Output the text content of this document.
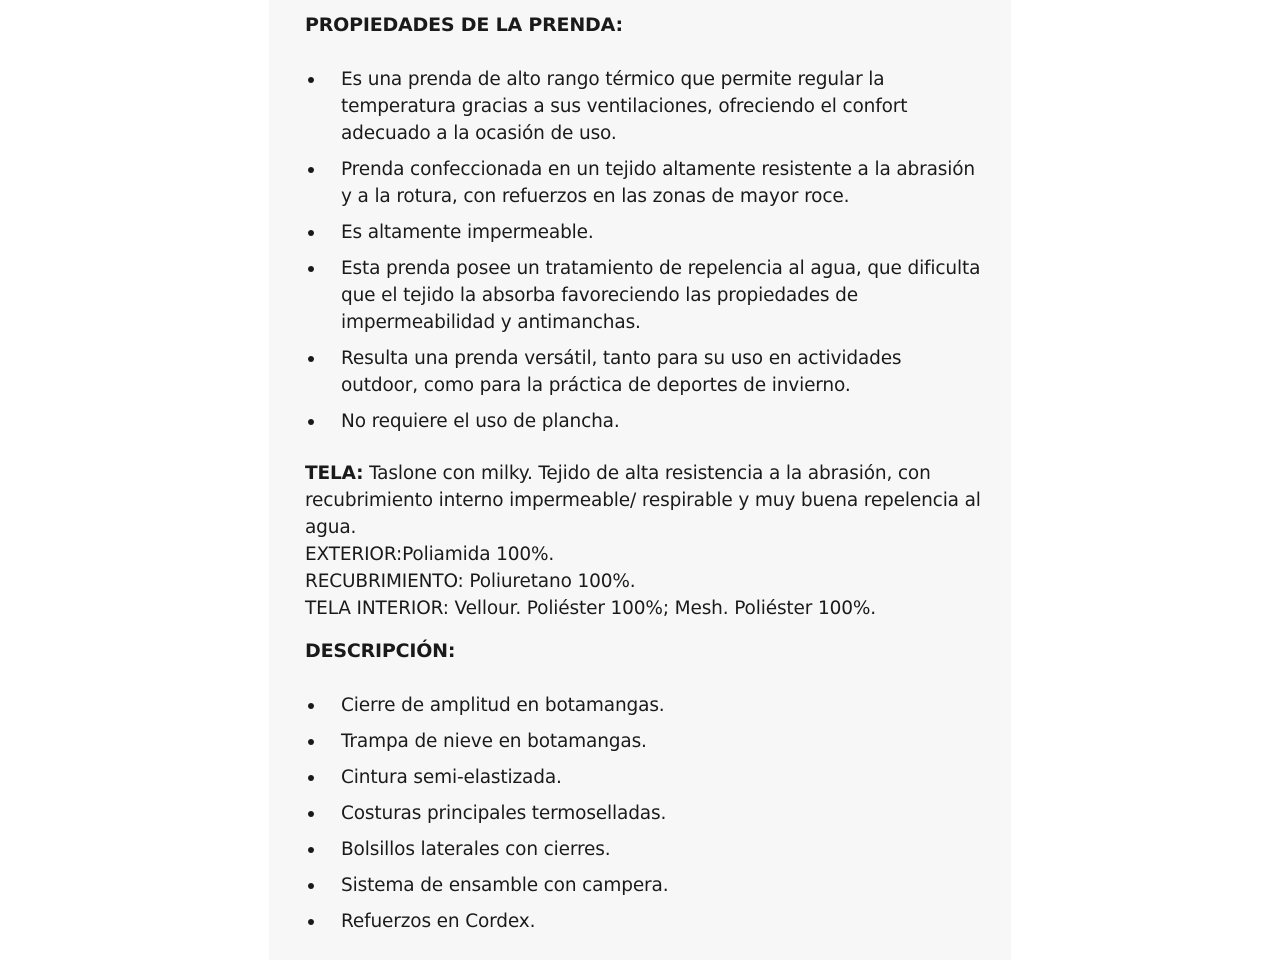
PROPIEDADES DE LA PRENDA:
Es una prenda de alto rango térmico que permite regular la temperatura gracias a sus ventilaciones, ofreciendo el confort adecuado a la ocasión de uso.
Prenda confeccionada en un tejido altamente resistente a la abrasión y a la rotura, con refuerzos en las zonas de mayor roce.
Es altamente impermeable.
Esta prenda posee un tratamiento de repelencia al agua, que dificulta que el tejido la absorba favoreciendo las propiedades de impermeabilidad y antimanchas.
Resulta una prenda versátil, tanto para su uso en actividades outdoor, como para la práctica de deportes de invierno.
No requiere el uso de plancha.

TELA: Taslone con milky. Tejido de alta resistencia a la abrasión, con recubrimiento interno impermeable/ respirable y muy buena repelencia al agua.

EXTERIOR:Poliamida 100%.
RECUBRIMIENTO: Poliuretano 100%.
TELA INTERIOR: Vellour. Poliéster 100%; Mesh. Poliéster 100%.
DESCRIPCIÓN:
Cierre de amplitud en botamangas.
Trampa de nieve en botamangas.
Cintura semi-elastizada.
Costuras principales termoselladas.
Bolsillos laterales con cierres.
Sistema de ensamble con campera.
Refuerzos en Cordex.
